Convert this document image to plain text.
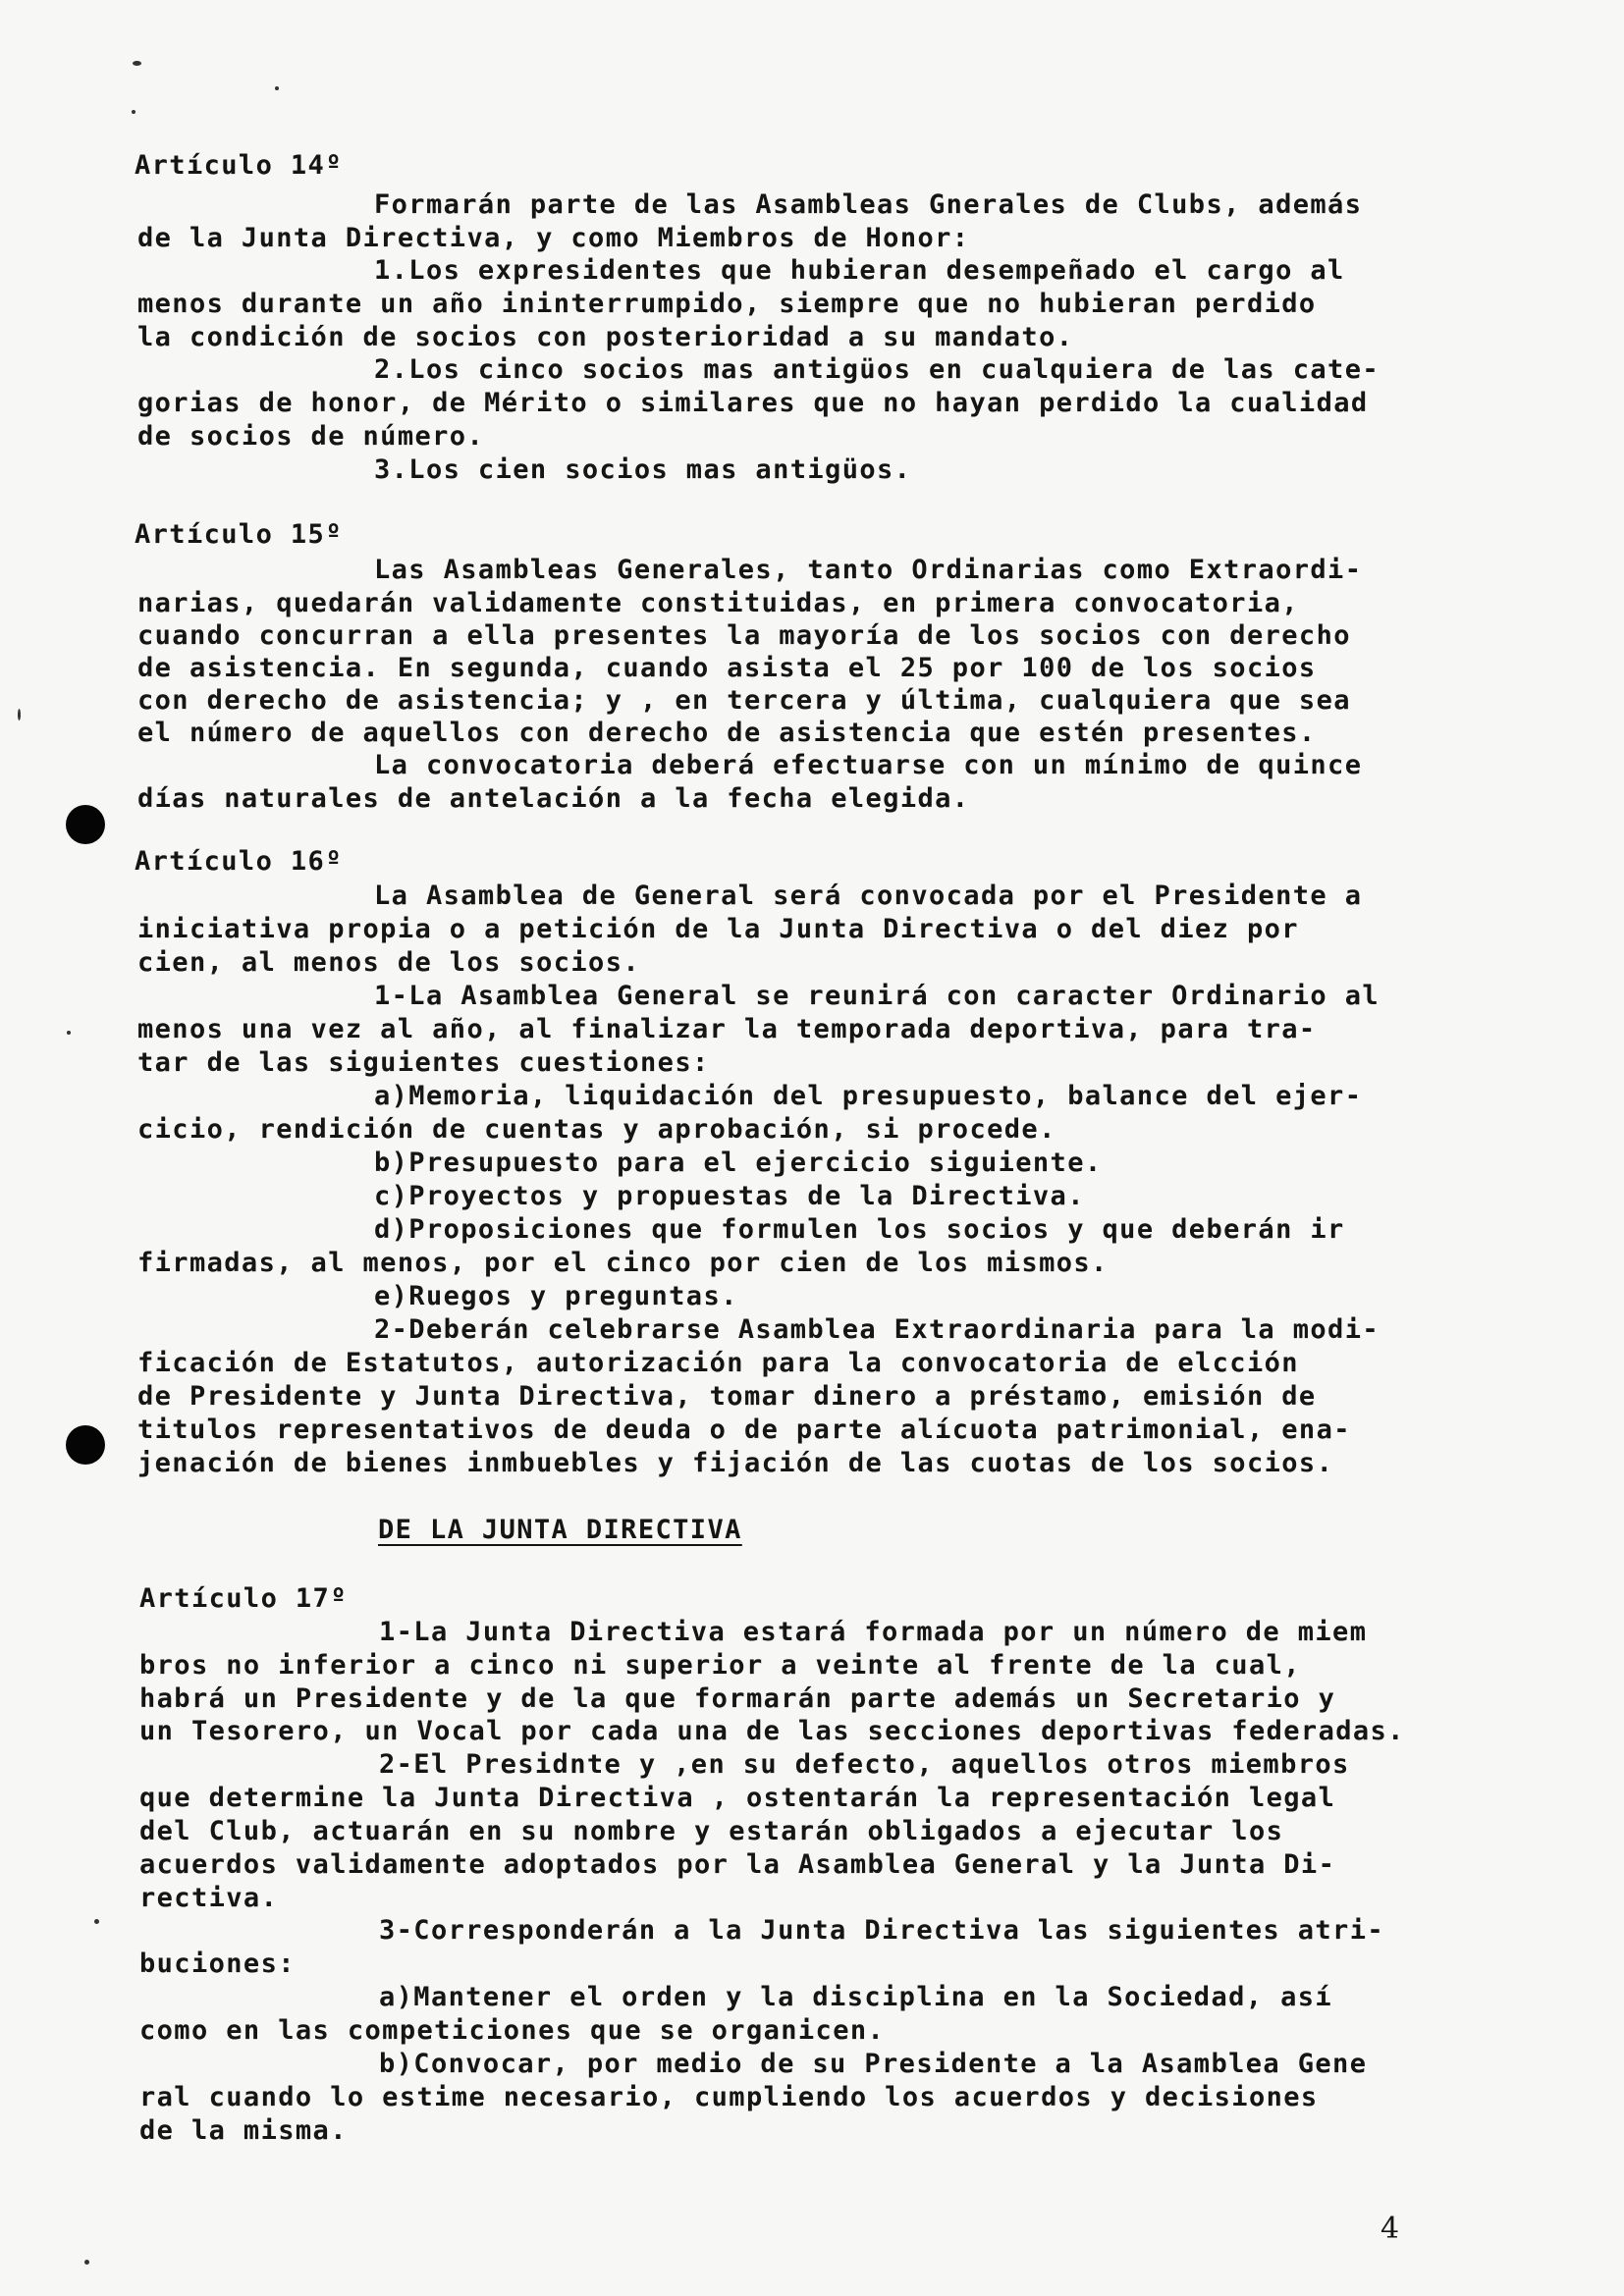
Artículo 14º
Formarán parte de las Asambleas Gnerales de Clubs, además
de la Junta Directiva, y como Miembros de Honor:
1.Los expresidentes que hubieran desempeñado el cargo al
menos durante un año ininterrumpido, siempre que no hubieran perdido
la condición de socios con posterioridad a su mandato.
2.Los cinco socios mas antigüos en cualquiera de las cate-
gorias de honor, de Mérito o similares que no hayan perdido la cualidad
de socios de número.
3.Los cien socios mas antigüos.
Artículo 15º
Las Asambleas Generales, tanto Ordinarias como Extraordi-
narias, quedarán validamente constituidas, en primera convocatoria,
cuando concurran a ella presentes la mayoría de los socios con derecho
de asistencia. En segunda, cuando asista el 25 por 100 de los socios
con derecho de asistencia; y , en tercera y última, cualquiera que sea
el número de aquellos con derecho de asistencia que estén presentes.
La convocatoria deberá efectuarse con un mínimo de quince
días naturales de antelación a la fecha elegida.
Artículo 16º
La Asamblea de General será convocada por el Presidente a
iniciativa propia o a petición de la Junta Directiva o del diez por
cien, al menos de los socios.
1-La Asamblea General se reunirá con caracter Ordinario al
menos una vez al año, al finalizar la temporada deportiva, para tra-
tar de las siguientes cuestiones:
a)Memoria, liquidación del presupuesto, balance del ejer-
cicio, rendición de cuentas y aprobación, si procede.
b)Presupuesto para el ejercicio siguiente.
c)Proyectos y propuestas de la Directiva.
d)Proposiciones que formulen los socios y que deberán ir
firmadas, al menos, por el cinco por cien de los mismos.
e)Ruegos y preguntas.
2-Deberán celebrarse Asamblea Extraordinaria para la modi-
ficación de Estatutos, autorización para la convocatoria de elcción
de Presidente y Junta Directiva, tomar dinero a préstamo, emisión de
titulos representativos de deuda o de parte alícuota patrimonial, ena-
jenación de bienes inmbuebles y fijación de las cuotas de los socios.
DE LA JUNTA DIRECTIVA
Artículo 17º
1-La Junta Directiva estará formada por un número de miem
bros no inferior a cinco ni superior a veinte al frente de la cual,
habrá un Presidente y de la que formarán parte además un Secretario y
un Tesorero, un Vocal por cada una de las secciones deportivas federadas.
2-El Presidnte y ,en su defecto, aquellos otros miembros
que determine la Junta Directiva , ostentarán la representación legal
del Club, actuarán en su nombre y estarán obligados a ejecutar los
acuerdos validamente adoptados por la Asamblea General y la Junta Di-
rectiva.
3-Corresponderán a la Junta Directiva las siguientes atri-
buciones:
a)Mantener el orden y la disciplina en la Sociedad, así
como en las competiciones que se organicen.
b)Convocar, por medio de su Presidente a la Asamblea Gene
ral cuando lo estime necesario, cumpliendo los acuerdos y decisiones
de la misma.
4
